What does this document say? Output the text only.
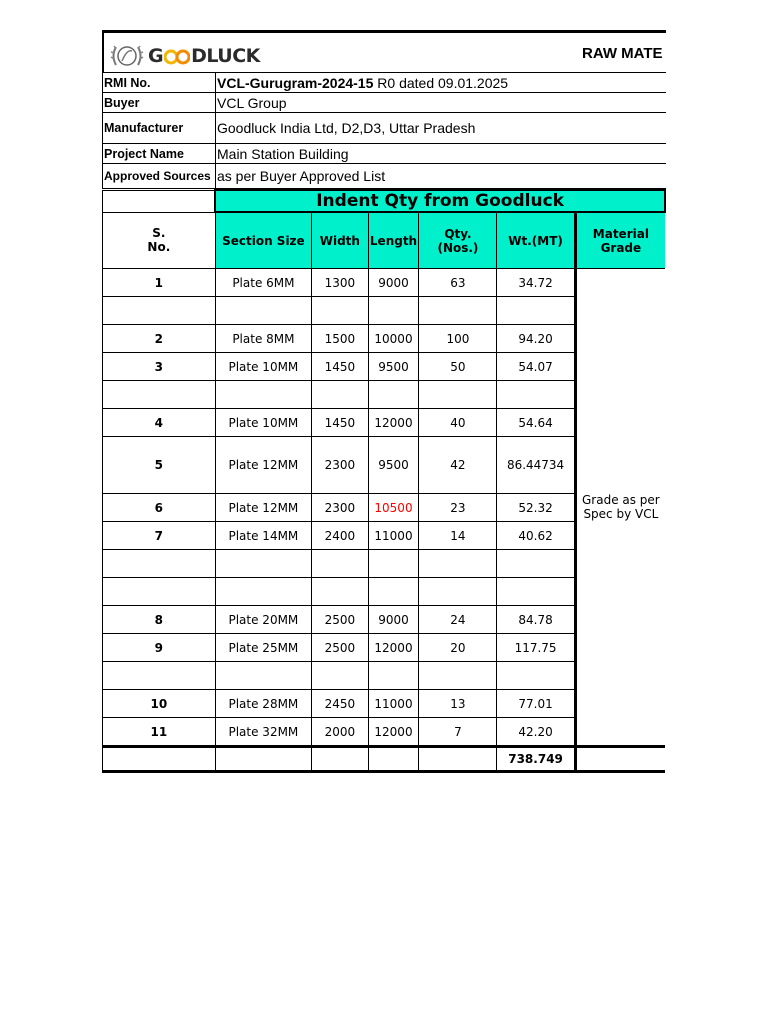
G DLUCK	RAW MATE
RMI No.	VCL-Gurugram-2024-15 R0 dated 09.01.2025
Buyer	VCL Group
Manufacturer	Goodluck India Ltd, D2,D3, Uttar Pradesh
Project Name	Main Station Building
Approved Sources	as per Buyer Approved List
	Indent Qty from Goodluck					
S. No.	Section Size	Width	Length	Qty. (Nos.)	Wt.(MT)	Material Grade
1	Plate 6MM	1300	9000	63	34.72	Grade as per Spec by VCL

2	Plate 8MM	1500	10000	100	94.20	
3	Plate 10MM	1450	9500	50	54.07	

4	Plate 10MM	1450	12000	40	54.64	
5	Plate 12MM	2300	9500	42	86.44734	
6	Plate 12MM	2300	10500	23	52.32	
7	Plate 14MM	2400	11000	14	40.62	

8	Plate 20MM	2500	9000	24	84.78	
9	Plate 25MM	2500	12000	20	117.75	

10	Plate 28MM	2450	11000	13	77.01	
11	Plate 32MM	2000	12000	7	42.20	
					738.749	
